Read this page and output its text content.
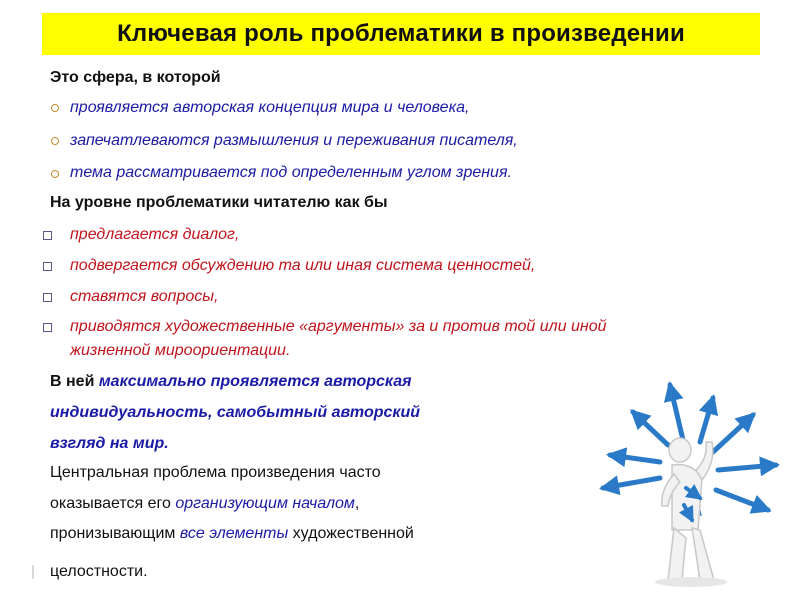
Ключевая роль проблематики в произведении
Это сфера, в которой
проявляется авторская концепция мира и человека,
запечатлеваются размышления и переживания писателя,
тема рассматривается под определенным углом зрения.
На уровне проблематики читателю как бы
предлагается диалог,
подвергается обсуждению та или иная система ценностей,
ставятся вопросы,
приводятся художественные «аргументы» за и против той или иной
жизненной мироориентации.
В ней максимально проявляется авторская
индивидуальность, самобытный авторский
взгляд на мир.
Центральная проблема произведения часто
оказывается его организующим началом,
пронизывающим все элементы художественной
целостности.
